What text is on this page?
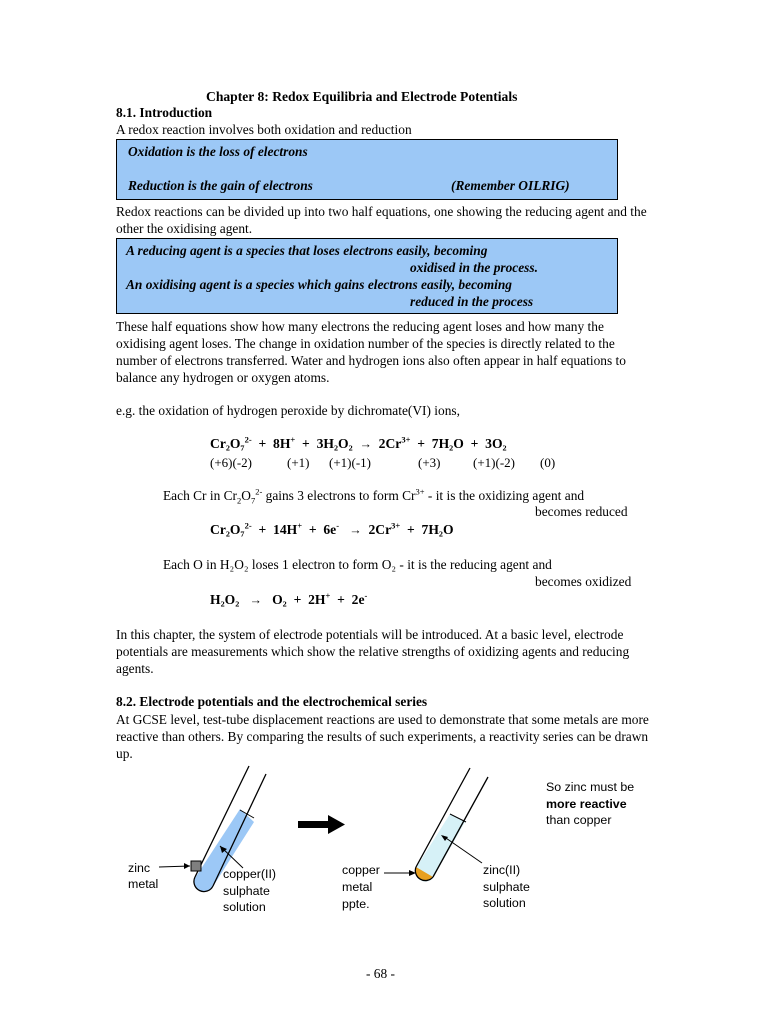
Chapter 8: Redox Equilibria and Electrode Potentials
8.1. Introduction
A redox reaction involves both oxidation and reduction
Oxidation is the loss of electrons
Reduction is the gain of electrons	(Remember OILRIG)
Redox reactions can be divided up into two half equations, one showing the reducing agent and the other the oxidising agent.
A reducing agent is a species that loses electrons easily, becoming
oxidised in the process.
An oxidising agent is a species which gains electrons easily, becoming
reduced in the process
These half equations show how many electrons the reducing agent loses and how many the oxidising agent loses. The change in oxidation number of the species is directly related to the number of electrons transferred. Water and hydrogen ions also often appear in half equations to balance any hydrogen or oxygen atoms.
e.g. the oxidation of hydrogen peroxide by dichromate(VI) ions,
$Cr_2O_7^{2-} + 8H^+ + 3H_2O_2 \to 2Cr^{3+} + 7H_2O + 3O_2$
(+6)(-2)	(+1) (+1)(-1)	(+3)	(+1)(-2) (0)
Each Cr in $Cr_2O_7^{2-}$ gains 3 electrons to form $Cr^{3+}$ - it is the oxidizing agent and
becomes reduced
$Cr_2O_7^{2-} + 14H^+ + 6e^- \to 2Cr^{3+} + 7H_2O$
Each O in H₂O₂ loses 1 electron to form O₂ - it is the reducing agent and
becomes oxidized
H₂O₂ → O₂ + 2H+ + 2e-
In this chapter, the system of electrode potentials will be introduced. At a basic level, electrode potentials are measurements which show the relative strengths of oxidizing agents and reducing agents.
8.2. Electrode potentials and the electrochemical series
At GCSE level, test-tube displacement reactions are used to demonstrate that some metals are more reactive than others. By comparing the results of such experiments, a reactivity series can be drawn up.
zinc
metal
copper(II)
sulphate
solution
copper
metal
ppte.
zinc(II)
sulphate
solution
So zinc must be
more reactive
than copper
- 68 -
